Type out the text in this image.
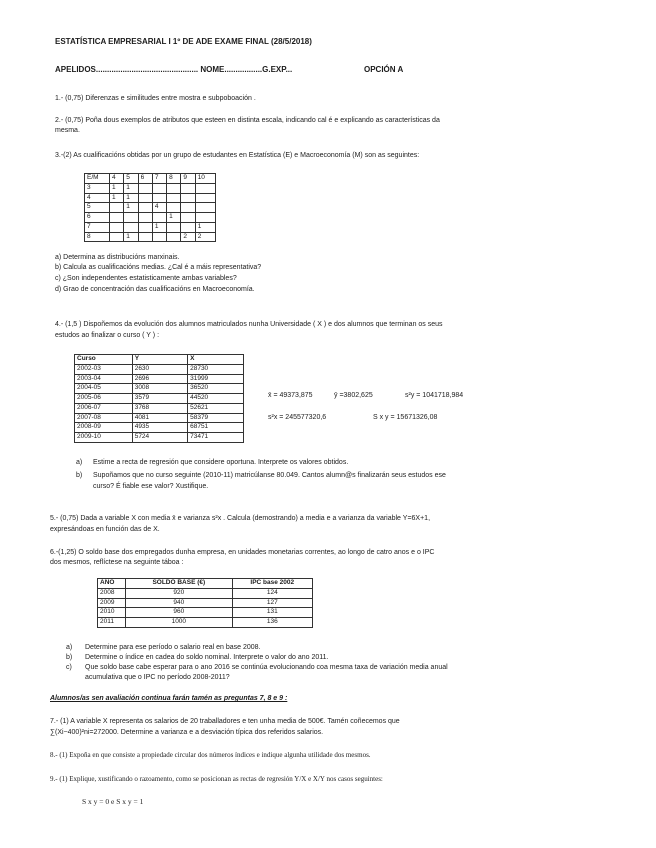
ESTATÍSTICA EMPRESARIAL I 1º DE ADE EXAME FINAL (28/5/2018)
APELIDOS.............................................. NOME.................G.EXP...	OPCIÓN A
1.- (0,75) Diferenzas e similitudes entre mostra e subpoboación .
2.- (0,75) Poña dous exemplos de atributos que esteen en distinta escala, indicando cal é e explicando as características da
mesma.
3.-(2) As cualificacións obtidas por un grupo de estudantes en Estatística (E) e Macroeconomía (M) son as seguintes:
E/M	4	5	6	7	8	9	10
3	1	1					
4	1	1					
5		1		4			
6					1		
7				1			1
8		1				2	2
a) Determina as distribucións marxinais.
b) Calcula as cualificacións medias. ¿Cal é a máis representativa?
c) ¿Son independentes estatisticamente ambas variables?
d) Grao de concentración das cualificacións en Macroeconomía.
4.- (1,5 ) Dispoñemos da evolución dos alumnos matriculados nunha Universidade ( X ) e dos alumnos que terminan os seus
estudos ao finalizar o curso ( Y ) :
Curso	Y	X
2002-03	2630	28730
2003-04	2696	31999
2004-05	3008	36520
2005-06	3579	44520
2006-07	3768	52621
2007-08	4081	58379
2008-09	4935	68751
2009-10	5724	73471
x̄ = 49373,875	ȳ =3802,625	s²y = 1041718,984
s²x = 245577320,6	S x y = 15671326,08
a) Estime a recta de regresión que considere oportuna. Interprete os valores obtidos.
b) Supoñamos que no curso seguinte (2010-11) matricúlanse 80.049. Cantos alumn@s finalizarán seus estudos ese
curso? É fiable ese valor? Xustifique.
5.- (0,75) Dada a variable X con media x̄ e varianza s²x . Calcula (demostrando) a media e a varianza da variable Y=6X+1,
expresándoas en función das de X.
6.-(1,25) O soldo base dos empregados dunha empresa, en unidades monetarias correntes, ao longo de catro anos e o IPC
dos mesmos, reflíctese na seguinte táboa :
ANO	SOLDO BASE (€)	IPC base 2002
2008	920	124
2009	940	127
2010	960	131
2011	1000	136
a) Determine para ese período o salario real en base 2008.
b) Determine o índice en cadea do soldo nominal. Interprete o valor do ano 2011.
c) Que soldo base cabe esperar para o ano 2016 se continúa evolucionando coa mesma taxa de variación media anual
acumulativa que o IPC no período 2008-2011?
Alumnos/as sen avaliación continua farán tamén as preguntas 7, 8 e 9 :
7.- (1) A variable X representa os salarios de 20 traballadores e ten unha media de 500€. Tamén coñecemos que
∑(Xi−400)²ni=272000. Determine a varianza e a desviación típica dos referidos salarios.
8.- (1) Expoña en que consiste a propiedade circular dos números índices e indique algunha utilidade dos mesmos.
9.- (1) Explique, xustificando o razoamento, como se posicionan as rectas de regresión Y/X e X/Y nos casos seguintes:
S x y = 0 e S x y = 1
